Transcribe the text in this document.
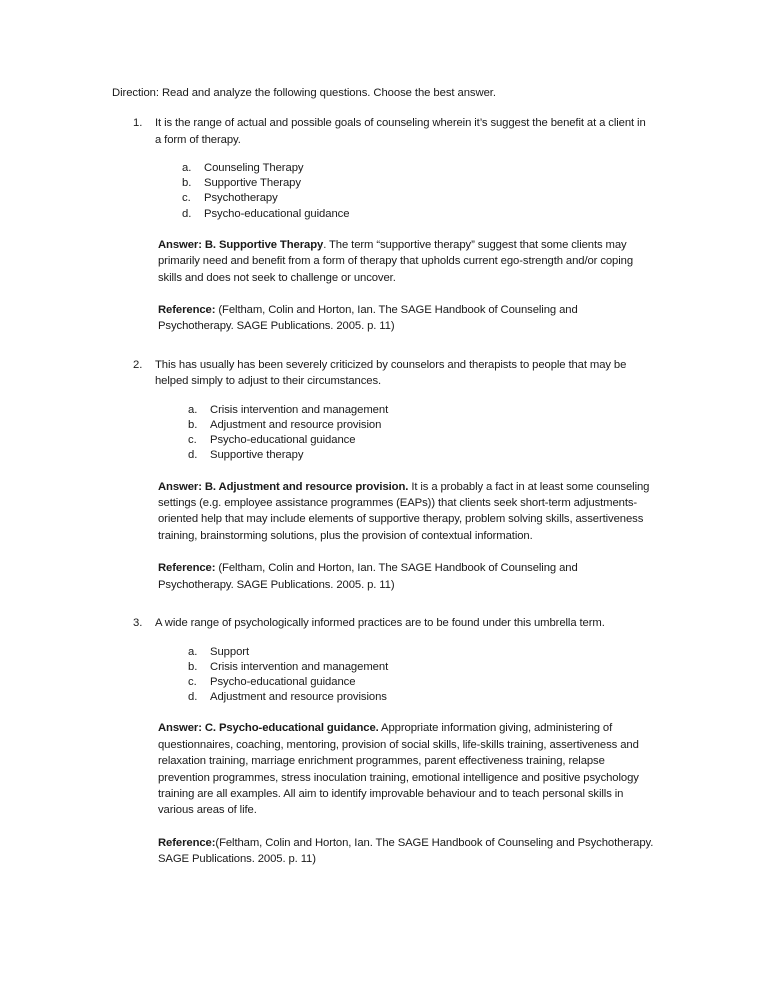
Direction: Read and analyze the following questions. Choose the best answer.

1.	It is the range of actual and possible goals of counseling wherein it’s suggest the benefit at a client in a form of therapy.
a.	Counseling Therapy
b.	Supportive Therapy
c.	Psychotherapy
d.	Psycho-educational guidance

Answer: B. Supportive Therapy. The term “supportive therapy” suggest that some clients may primarily need and benefit from a form of therapy that upholds current ego-strength and/or coping skills and does not seek to challenge or uncover.

Reference: (Feltham, Colin and Horton, Ian. The SAGE Handbook of Counseling and Psychotherapy. SAGE Publications. 2005. p. 11)

2.	This has usually has been severely criticized by counselors and therapists to people that may be helped simply to adjust to their circumstances.
a.	Crisis intervention and management
b.	Adjustment and resource provision
c.	Psycho-educational guidance
d.	Supportive therapy

Answer: B. Adjustment and resource provision. It is a probably a fact in at least some counseling settings (e.g. employee assistance programmes (EAPs)) that clients seek short-term adjustments-oriented help that may include elements of supportive therapy, problem solving skills, assertiveness training, brainstorming solutions, plus the provision of contextual information.

Reference: (Feltham, Colin and Horton, Ian. The SAGE Handbook of Counseling and Psychotherapy. SAGE Publications. 2005. p. 11)

3.	A wide range of psychologically informed practices are to be found under this umbrella term.
a.	Support
b.	Crisis intervention and management
c.	Psycho-educational guidance
d.	Adjustment and resource provisions

Answer: C. Psycho-educational guidance. Appropriate information giving, administering of questionnaires, coaching, mentoring, provision of social skills, life-skills training, assertiveness and relaxation training, marriage enrichment programmes, parent effectiveness training, relapse prevention programmes, stress inoculation training, emotional intelligence and positive psychology training are all examples. All aim to identify improvable behaviour and to teach personal skills in various areas of life.

Reference:(Feltham, Colin and Horton, Ian. The SAGE Handbook of Counseling and Psychotherapy. SAGE Publications. 2005. p. 11)
